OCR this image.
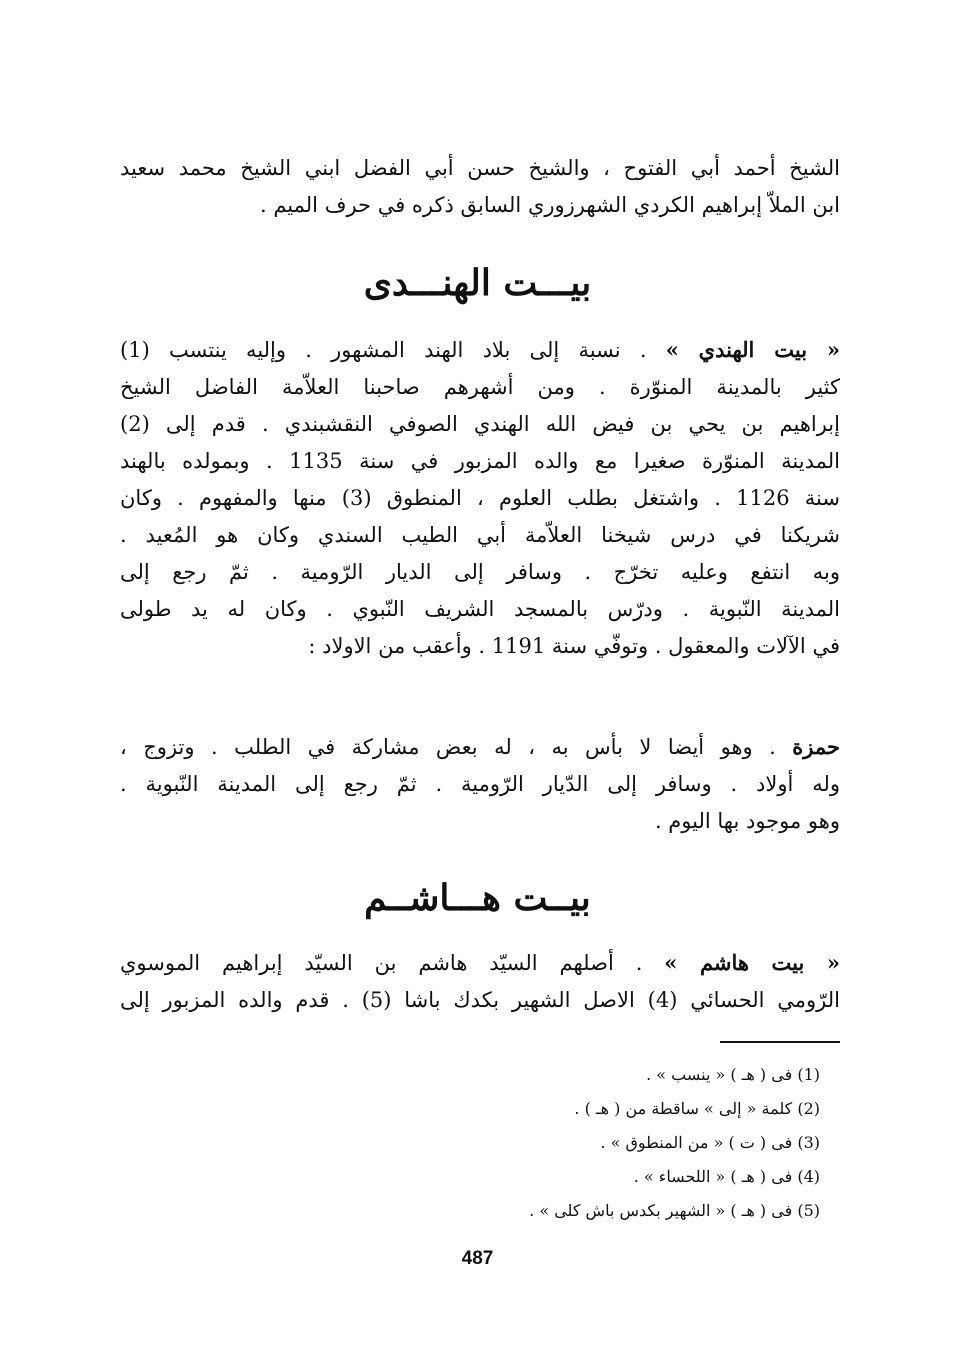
الشيخ أحمد أبي الفتوح ، والشيخ حسن أبي الفضل ابني الشيخ محمد سعيد
ابن الملاّ إبراهيم الكردي الشهرزوري السابق ذكره في حرف الميم .
بيـــت الهنـــدى
« بيت الهندي » . نسبة إلى بلاد الهند المشهور . وإليه ينتسب (1)
كثير بالمدينة المنوّرة . ومن أشهرهم صاحبنا العلاّمة الفاضل الشيخ
إبراهيم بن يحي بن فيض الله الهندي الصوفي النقشبندي . قدم إلى (2)
المدينة المنوّرة صغيرا مع والده المزبور في سنة 1135 . وبمولده بالهند
سنة 1126 . واشتغل بطلب العلوم ، المنطوق (3) منها والمفهوم . وكان
شريكنا في درس شيخنا العلاّمة أبي الطيب السندي وكان هو المُعيد .
وبه انتفع وعليه تخرّج . وسافر إلى الديار الرّومية . ثمّ رجع إلى
المدينة النّبوية . ودرّس بالمسجد الشريف النّبوي . وكان له يد طولى
في الآلات والمعقول . وتوفّي سنة 1191 . وأعقب من الاولاد :
حمزة . وهو أيضا لا بأس به ، له بعض مشاركة في الطلب . وتزوج ،
وله أولاد . وسافر إلى الدّيار الرّومية . ثمّ رجع إلى المدينة النّبوية .
وهو موجود بها اليوم .
بيــت هـــاشــم
« بيت هاشم » . أصلهم السيّد هاشم بن السيّد إبراهيم الموسوي
الرّومي الحسائي (4) الاصل الشهير بكدك باشا (5) . قدم والده المزبور إلى
(1) فى ( هـ ) « ينسب » .
(2) كلمة « إلى » ساقطة من ( هـ ) .
(3) فى ( ت ) « من المنطوق » .
(4) فى ( هـ ) « اللحساء » .
(5) فى ( هـ ) « الشهير بكدس باش كلى » .
487
